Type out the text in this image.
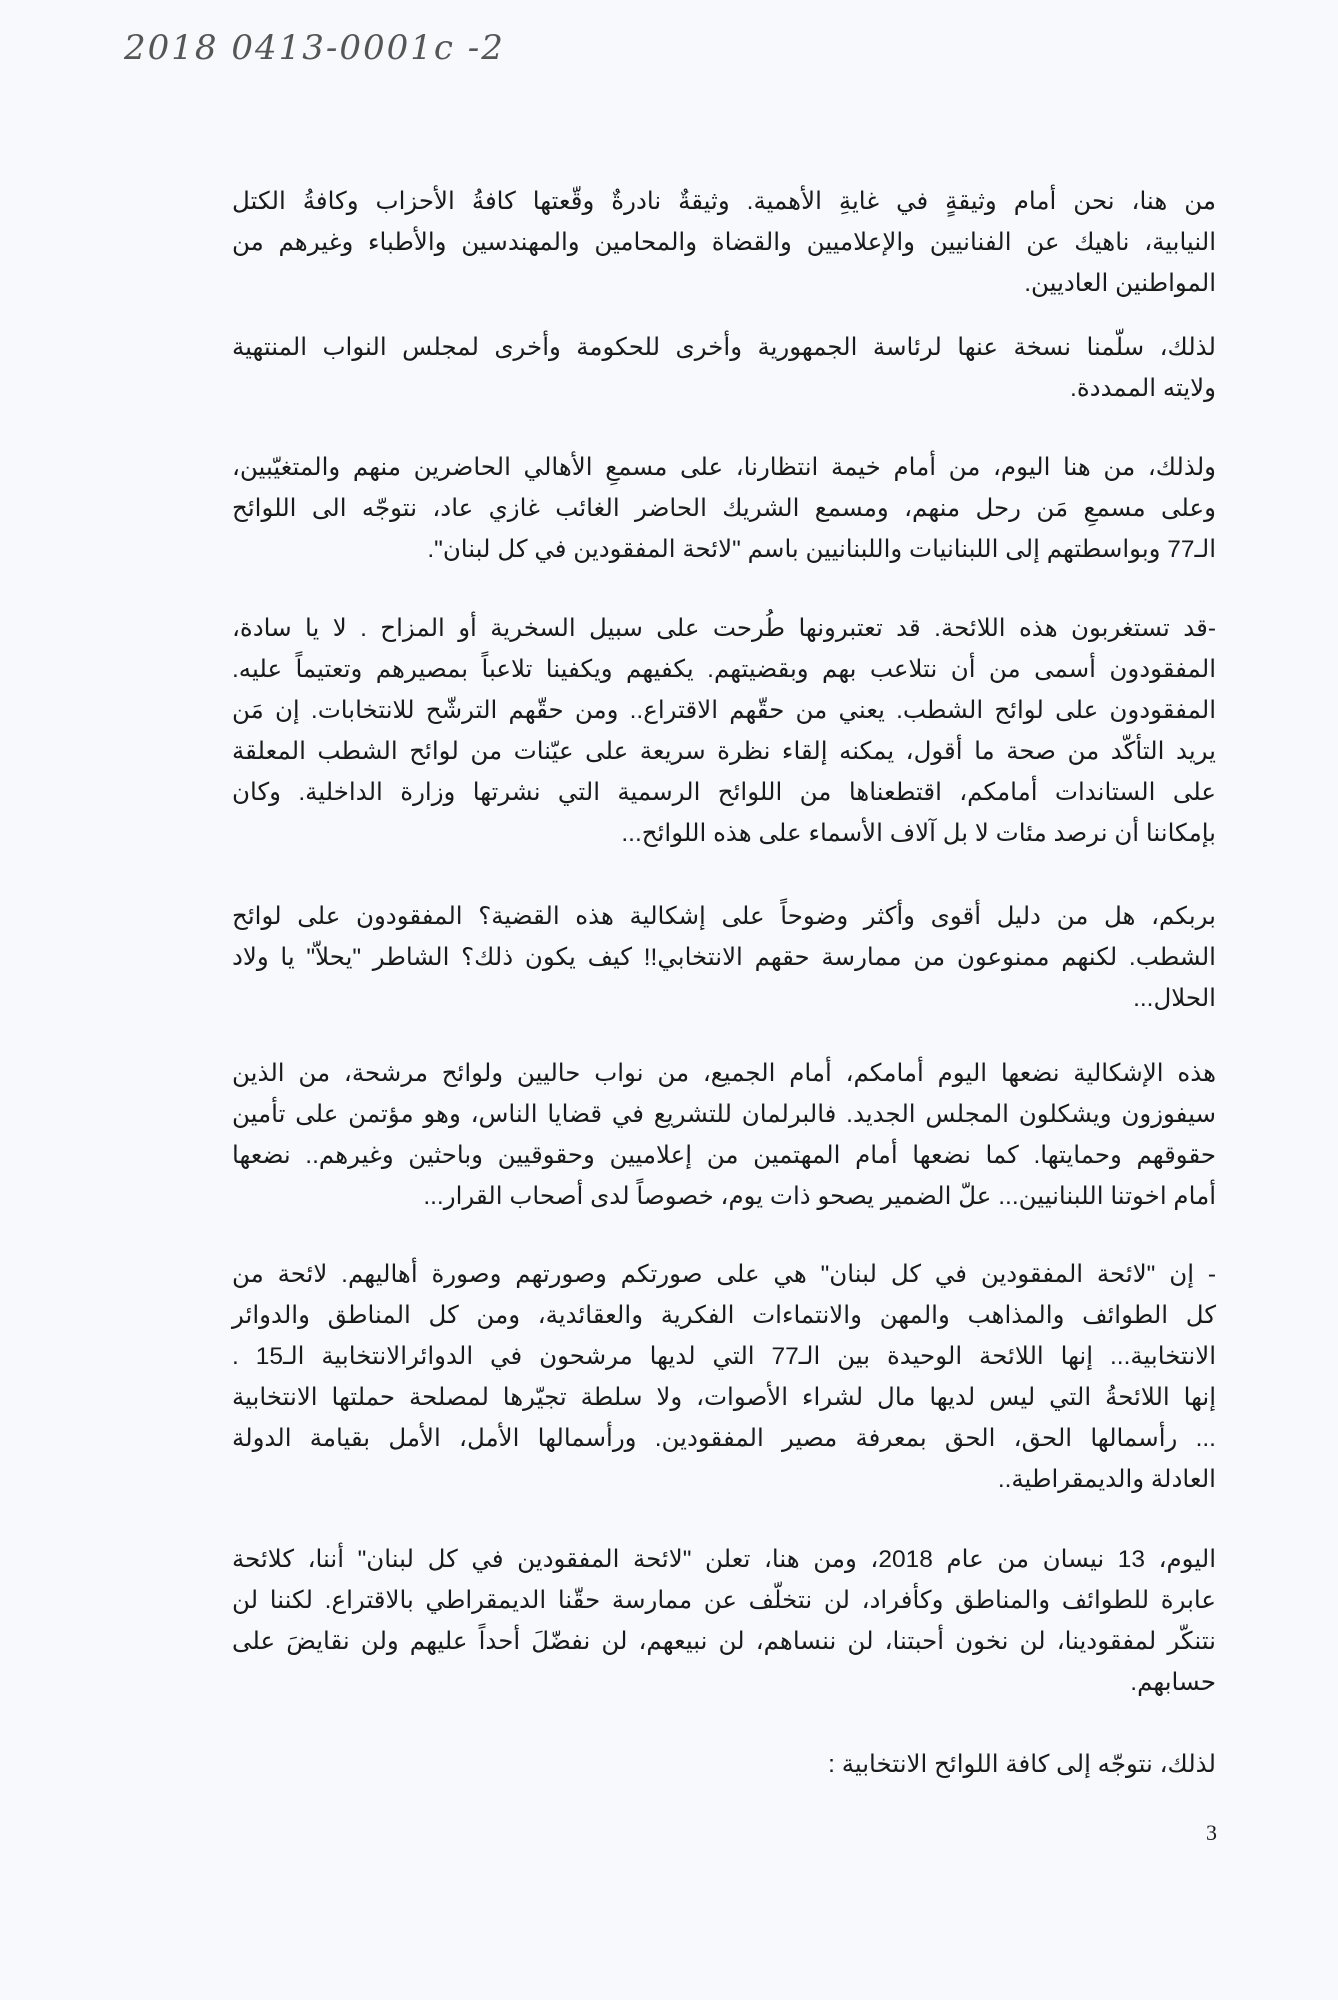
2018 0413-0001c -2
من هنا، نحن أمام وثيقةٍ في غايةِ الأهمية. وثيقةٌ نادرةٌ وقّعتها كافةُ الأحزاب وكافةُ الكتل
النيابية، ناهيك عن الفنانيين والإعلاميين والقضاة والمحامين والمهندسين والأطباء وغيرهم من
المواطنين العاديين.
لذلك، سلّمنا نسخة عنها لرئاسة الجمهورية وأخرى للحكومة وأخرى لمجلس النواب المنتهية
ولايته الممددة.
ولذلك، من هنا اليوم، من أمام خيمة انتظارنا، على مسمعِ الأهالي الحاضرين منهم والمتغيّبين،
وعلى مسمعِ مَن رحل منهم، ومسمع الشريك الحاضر الغائب غازي عاد، نتوجّه الى اللوائح
الـ77 وبواسطتهم إلى اللبنانيات واللبنانيين باسم "لائحة المفقودين في كل لبنان".
-قد تستغربون هذه اللائحة. قد تعتبرونها طُرحت على سبيل السخرية أو المزاح . لا يا سادة،
المفقودون أسمى من أن نتلاعب بهم وبقضيتهم. يكفيهم ويكفينا تلاعباً بمصيرهم وتعتيماً عليه.
المفقودون على لوائح الشطب. يعني من حقّهم الاقتراع.. ومن حقّهم الترشّح للانتخابات. إن مَن
يريد التأكّد من صحة ما أقول، يمكنه إلقاء نظرة سريعة على عيّنات من لوائح الشطب المعلقة
على الستاندات أمامكم، اقتطعناها من اللوائح الرسمية التي نشرتها وزارة الداخلية. وكان
بإمكاننا أن نرصد مئات لا بل آلاف الأسماء على هذه اللوائح...
بربكم، هل من دليل أقوى وأكثر وضوحاً على إشكالية هذه القضية؟ المفقودون على لوائح
الشطب. لكنهم ممنوعون من ممارسة حقهم الانتخابي!! كيف يكون ذلك؟ الشاطر "يحلاّ" يا ولاد
الحلال...
هذه الإشكالية نضعها اليوم أمامكم، أمام الجميع، من نواب حاليين ولوائح مرشحة، من الذين
سيفوزون ويشكلون المجلس الجديد. فالبرلمان للتشريع في قضايا الناس، وهو مؤتمن على تأمين
حقوقهم وحمايتها. كما نضعها أمام المهتمين من إعلاميين وحقوقيين وباحثين وغيرهم.. نضعها
أمام اخوتنا اللبنانيين... علّ الضمير يصحو ذات يوم، خصوصاً لدى أصحاب القرار...
- إن "لائحة المفقودين في كل لبنان" هي على صورتكم وصورتهم وصورة أهاليهم. لائحة من
كل الطوائف والمذاهب والمهن والانتماءات الفكرية والعقائدية، ومن كل المناطق والدوائر
الانتخابية... إنها اللائحة الوحيدة بين الـ77 التي لديها مرشحون في الدوائرالانتخابية الـ15 .
إنها اللائحةُ التي ليس لديها مال لشراء الأصوات، ولا سلطة تجيّرها لمصلحة حملتها الانتخابية
... رأسمالها الحق، الحق بمعرفة مصير المفقودين. ورأسمالها الأمل، الأمل بقيامة الدولة
العادلة والديمقراطية..
اليوم، 13 نيسان من عام 2018، ومن هنا، تعلن "لائحة المفقودين في كل لبنان" أننا، كلائحة
عابرة للطوائف والمناطق وكأفراد، لن نتخلّف عن ممارسة حقّنا الديمقراطي بالاقتراع. لكننا لن
نتنكّر لمفقودينا، لن نخون أحبتنا، لن ننساهم، لن نبيعهم، لن نفضّلَ أحداً عليهم ولن نقايضَ على
حسابهم.
لذلك، نتوجّه إلى كافة اللوائح الانتخابية :
3
